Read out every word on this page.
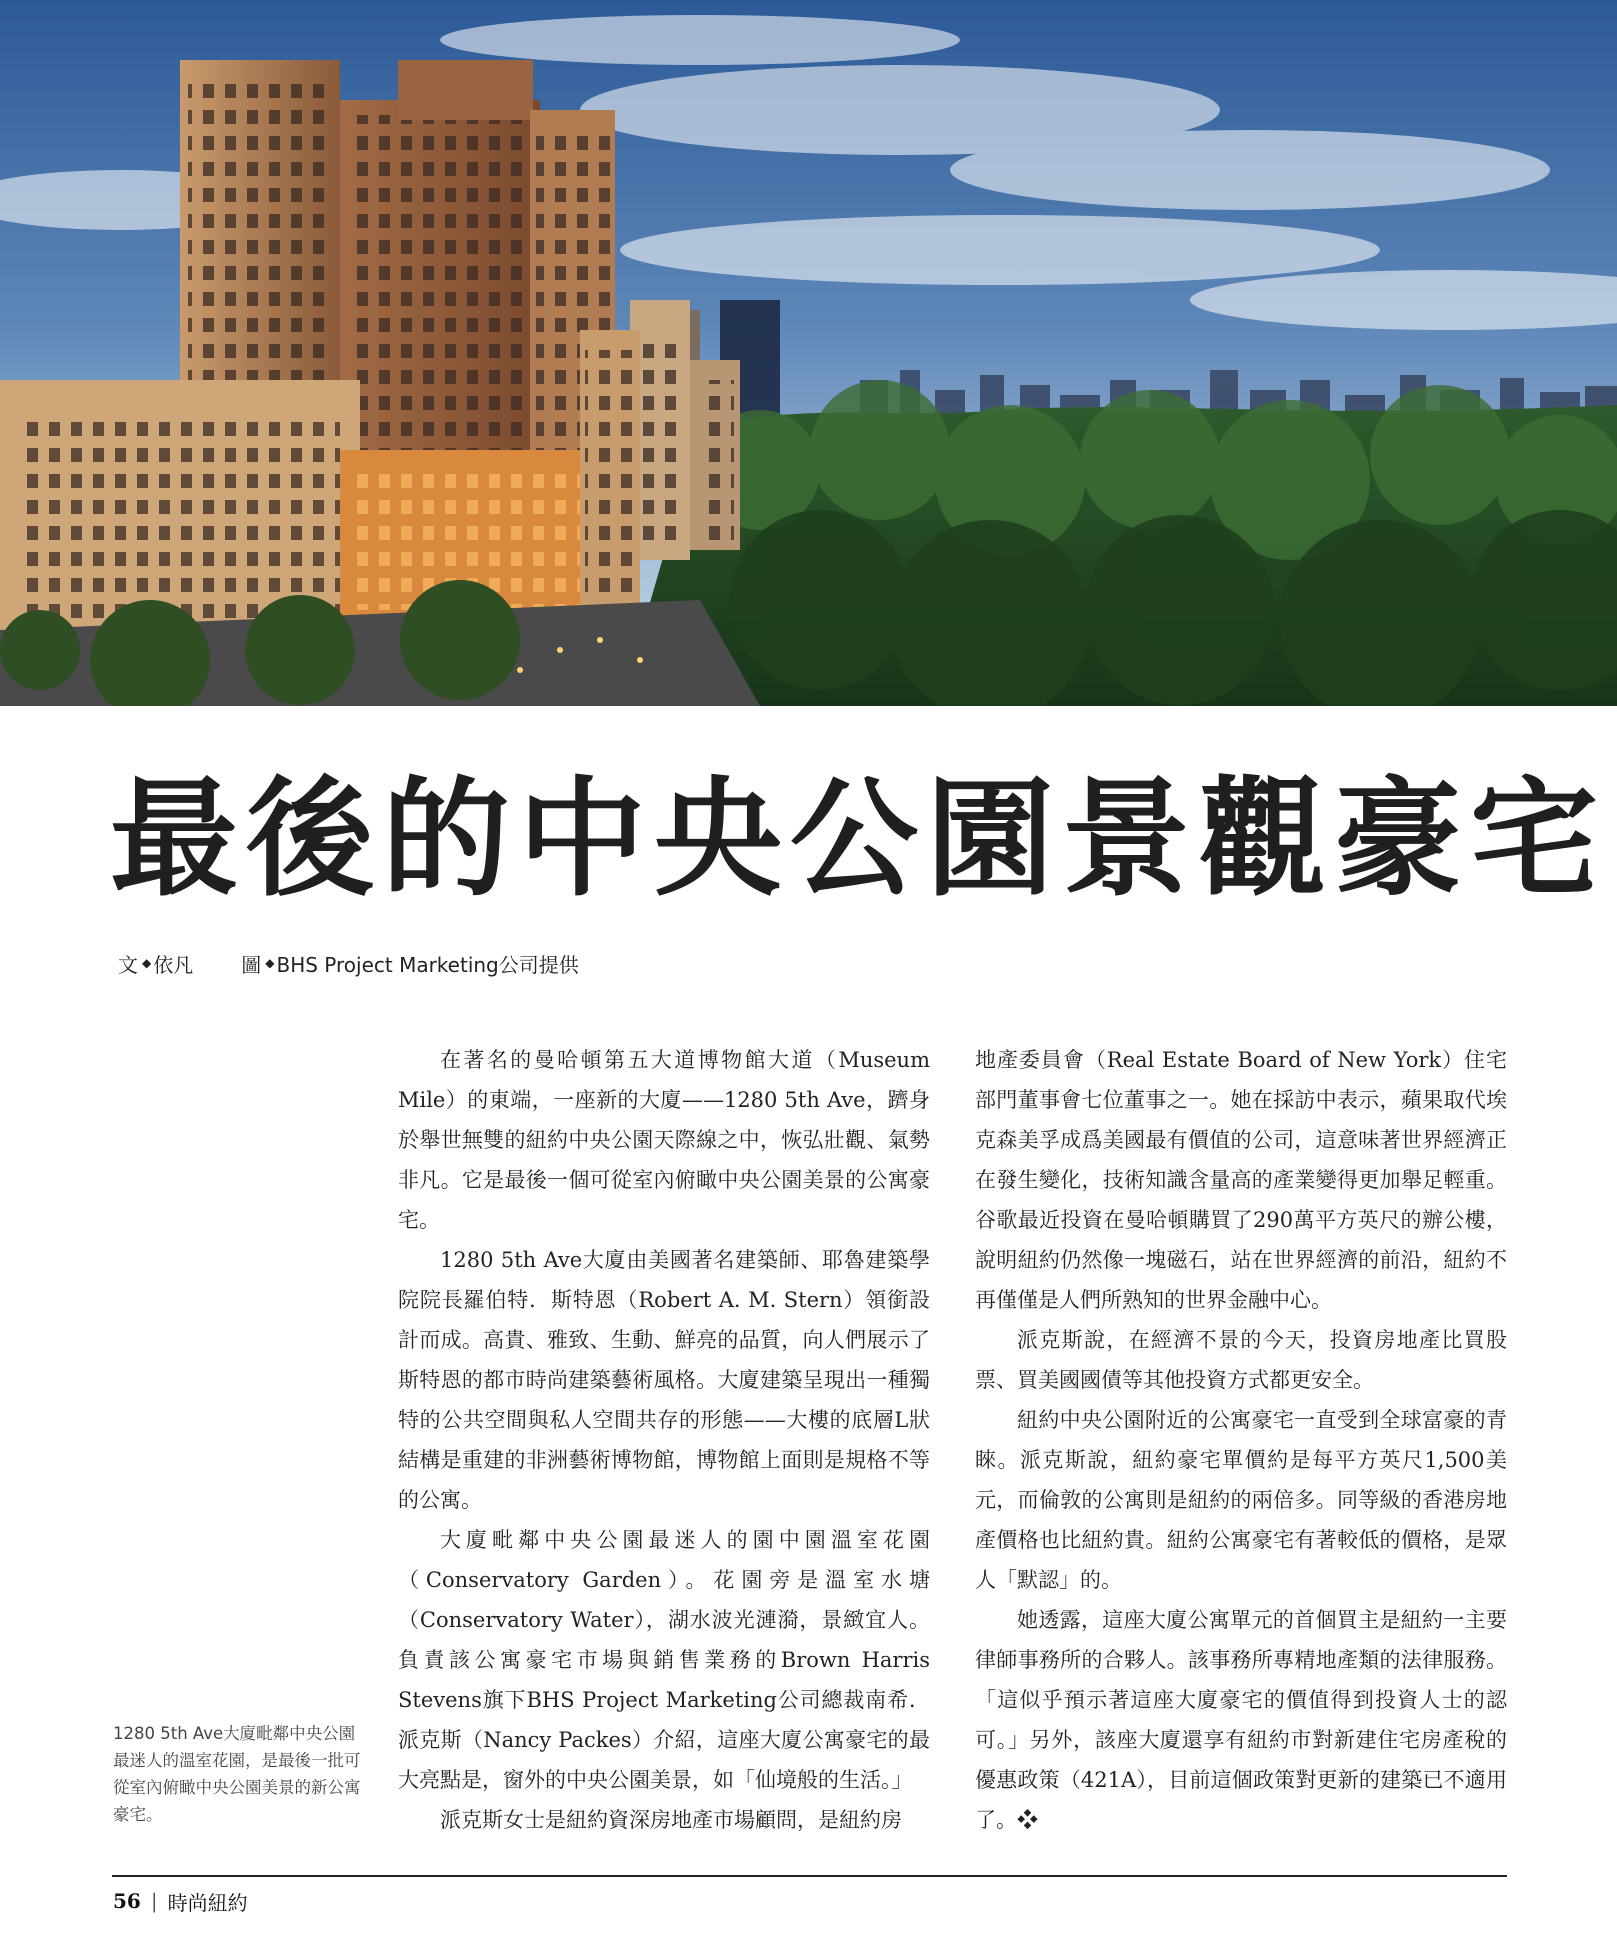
最後的中央公園景觀豪宅
文 ◆ 依凡 圖 ◆ BHS Project Marketing公司提供

在著名的曼哈頓第五大道博物館大道（Museum Mile）的東端，一座新的大廈——1280 5th Ave，躋身於舉世無雙的紐約中央公園天際線之中，恢弘壯觀、氣勢非凡。它是最後一個可從室內俯瞰中央公園美景的公寓豪宅。

1280 5th Ave大廈由美國著名建築師、耶魯建築學院院長羅伯特．斯特恩（Robert A. M. Stern）領銜設計而成。高貴、雅致、生動、鮮亮的品質，向人們展示了斯特恩的都市時尚建築藝術風格。大廈建築呈現出一種獨特的公共空間與私人空間共存的形態——大樓的底層L狀結構是重建的非洲藝術博物館，博物館上面則是規格不等的公寓。

大廈毗鄰中央公園最迷人的園中園溫室花園（Conservatory Garden）。花園旁是溫室水塘（Conservatory Water），湖水波光漣漪，景緻宜人。負責該公寓豪宅市場與銷售業務的Brown Harris Stevens旗下BHS Project Marketing公司總裁南希．派克斯（Nancy Packes）介紹，這座大廈公寓豪宅的最大亮點是，窗外的中央公園美景，如「仙境般的生活。」

派克斯女士是紐約資深房地產市場顧問，是紐約房

地產委員會（Real Estate Board of New York）住宅部門董事會七位董事之一。她在採訪中表示，蘋果取代埃克森美孚成爲美國最有價值的公司，這意味著世界經濟正在發生變化，技術知識含量高的產業變得更加舉足輕重。谷歌最近投資在曼哈頓購買了290萬平方英尺的辦公樓，說明紐約仍然像一塊磁石，站在世界經濟的前沿，紐約不再僅僅是人們所熟知的世界金融中心。

派克斯說，在經濟不景的今天，投資房地產比買股票、買美國國債等其他投資方式都更安全。

紐約中央公園附近的公寓豪宅一直受到全球富豪的青睞。派克斯說，紐約豪宅單價約是每平方英尺1,500美元，而倫敦的公寓則是紐約的兩倍多。同等級的香港房地產價格也比紐約貴。紐約公寓豪宅有著較低的價格，是眾人「默認」的。

她透露，這座大廈公寓單元的首個買主是紐約一主要律師事務所的合夥人。該事務所專精地產類的法律服務。「這似乎預示著這座大廈豪宅的價值得到投資人士的認可。」另外，該座大廈還享有紐約市對新建住宅房產稅的優惠政策（421A），目前這個政策對更新的建築已不適用了。❖

1280 5th Ave大廈毗鄰中央公園最迷人的溫室花園，是最後一批可從室內俯瞰中央公園美景的新公寓豪宅。
56 | 時尚紐約
